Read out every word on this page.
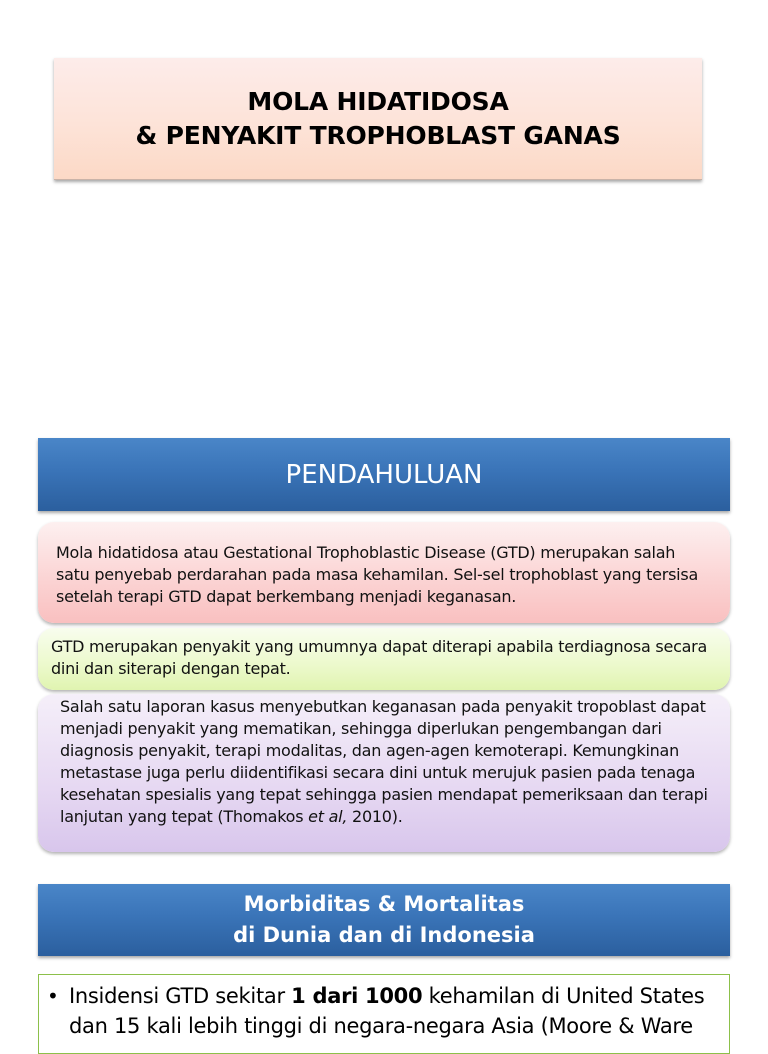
MOLA HIDATIDOSA
& PENYAKIT TROPHOBLAST GANAS
PENDAHULUAN

Mola hidatidosa atau Gestational Trophoblastic Disease (GTD) merupakan salah satu penyebab perdarahan pada masa kehamilan. Sel-sel trophoblast yang tersisa setelah terapi GTD dapat berkembang menjadi keganasan.

GTD merupakan penyakit yang umumnya dapat diterapi apabila terdiagnosa secara dini dan siterapi dengan tepat.

Salah satu laporan kasus menyebutkan keganasan pada penyakit tropoblast dapat menjadi penyakit yang mematikan, sehingga diperlukan pengembangan dari diagnosis penyakit, terapi modalitas, dan agen-agen kemoterapi. Kemungkinan metastase juga perlu diidentifikasi secara dini untuk merujuk pasien pada tenaga kesehatan spesialis yang tepat sehingga pasien mendapat pemeriksaan dan terapi lanjutan yang tepat (Thomakos et al, 2010).

Morbiditas & Mortalitas
di Dunia dan di Indonesia
• Insidensi GTD sekitar 1 dari 1000 kehamilan di United States dan 15 kali lebih tinggi di negara-negara Asia (Moore & Ware
